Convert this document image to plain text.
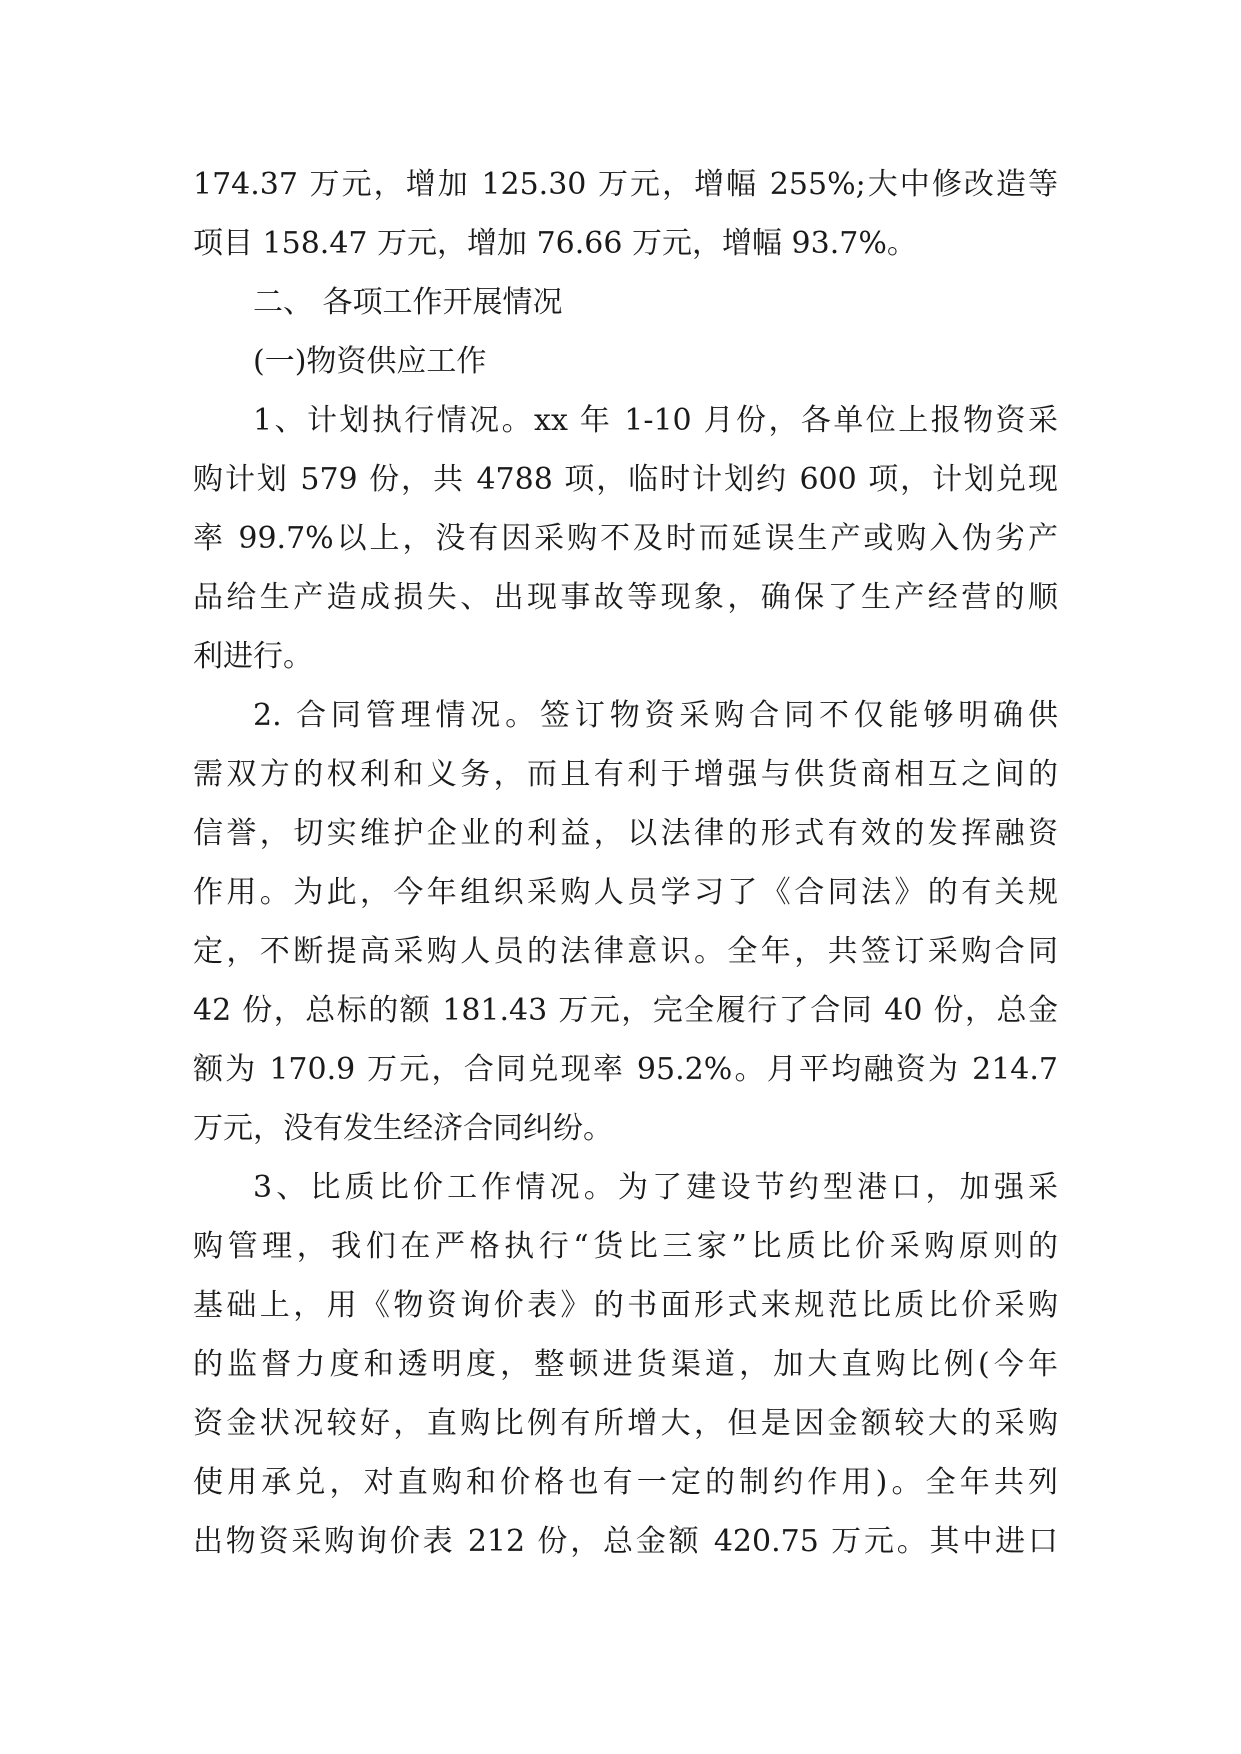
174.37 万元，增加 125.30 万元，增幅 255%;大中修改造等
项目 158.47 万元，增加 76.66 万元，增幅 93.7%。
二、 各项工作开展情况
(一)物资供应工作
1、计划执行情况。xx 年 1-10 月份，各单位上报物资采
购计划 579 份，共 4788 项，临时计划约 600 项，计划兑现
率 99.7%以上，没有因采购不及时而延误生产或购入伪劣产
品给生产造成损失、出现事故等现象，确保了生产经营的顺
利进行。
2. 合同管理情况。签订物资采购合同不仅能够明确供
需双方的权利和义务，而且有利于增强与供货商相互之间的
信誉，切实维护企业的利益，以法律的形式有效的发挥融资
作用。为此，今年组织采购人员学习了《合同法》的有关规
定，不断提高采购人员的法律意识。全年，共签订采购合同
42 份，总标的额 181.43 万元，完全履行了合同 40 份，总金
额为 170.9 万元，合同兑现率 95.2%。月平均融资为 214.7
万元，没有发生经济合同纠纷。
3、比质比价工作情况。为了建设节约型港口，加强采
购管理，我们在严格执行“货比三家”比质比价采购原则的
基础上，用《物资询价表》的书面形式来规范比质比价采购
的监督力度和透明度，整顿进货渠道，加大直购比例(今年
资金状况较好，直购比例有所增大，但是因金额较大的采购
使用承兑，对直购和价格也有一定的制约作用)。全年共列
出物资采购询价表 212 份，总金额 420.75 万元。其中进口
